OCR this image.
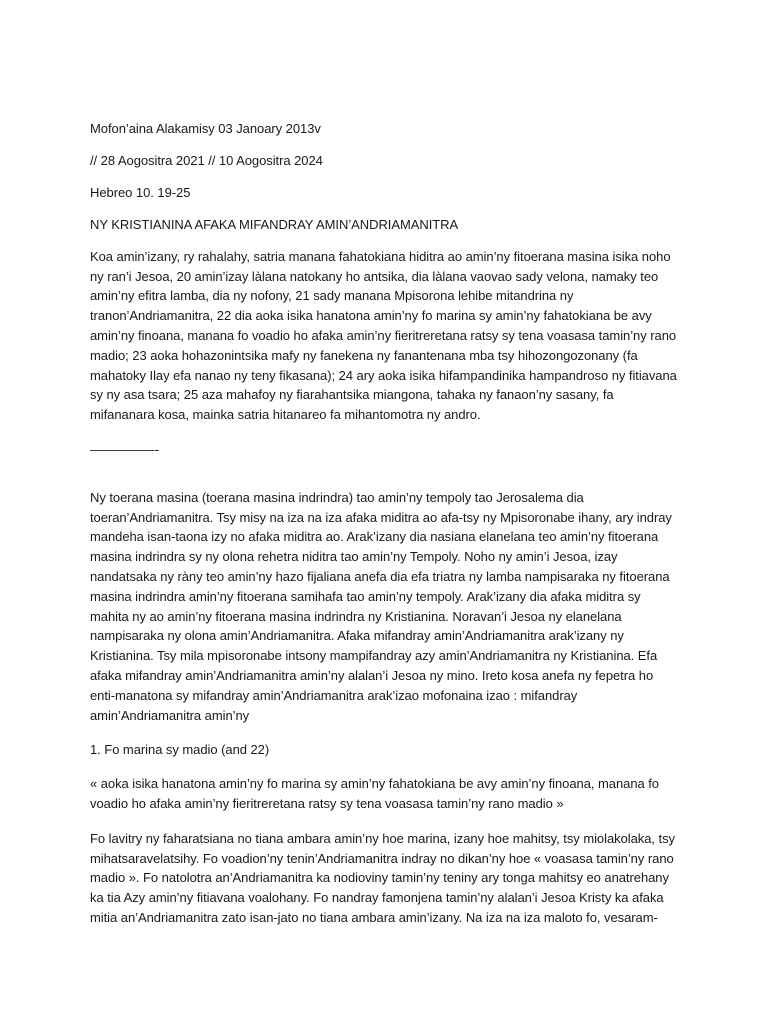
Mofon’aina Alakamisy 03 Janoary 2013v

// 28 Aogositra 2021 // 10 Aogositra 2024

Hebreo 10. 19-25

NY KRISTIANINA AFAKA MIFANDRAY AMIN’ANDRIAMANITRA

Koa amin’izany, ry rahalahy, satria manana fahatokiana hiditra ao amin’ny fitoerana masina isika noho ny ran’i Jesoa, 20 amin’izay làlana natokany ho antsika, dia làlana vaovao sady velona, namaky teo amin’ny efitra lamba, dia ny nofony, 21 sady manana Mpisorona lehibe mitandrina ny tranon’Andriamanitra, 22 dia aoka isika hanatona amin’ny fo marina sy amin’ny fahatokiana be avy amin’ny finoana, manana fo voadio ho afaka amin’ny fieritreretana ratsy sy tena voasasa tamin’ny rano madio; 23 aoka hohazonintsika mafy ny fanekena ny fanantenana mba tsy hihozongozonany (fa mahatoky Ilay efa nanao ny teny fikasana); 24 ary aoka isika hifampandinika hampandroso ny fitiavana sy ny asa tsara; 25 aza mahafoy ny fiarahantsika miangona, tahaka ny fanaon’ny sasany, fa mifananara kosa, mainka satria hitanareo fa mihantomotra ny andro.

—————-

Ny toerana masina (toerana masina indrindra) tao amin’ny tempoly tao Jerosalema dia toeran’Andriamanitra. Tsy misy na iza na iza afaka miditra ao afa-tsy ny Mpisoronabe ihany, ary indray mandeha isan-taona izy no afaka miditra ao. Arak’izany dia nasiana elanelana teo amin’ny fitoerana masina indrindra sy ny olona rehetra niditra tao amin’ny Tempoly. Noho ny amin’i Jesoa, izay nandatsaka ny ràny teo amin’ny hazo fijaliana anefa dia efa triatra ny lamba nampisaraka ny fitoerana masina indrindra amin’ny fitoerana samihafa tao amin’ny tempoly. Arak’izany dia afaka miditra sy mahita ny ao amin’ny fitoerana masina indrindra ny Kristianina. Noravan’i Jesoa ny elanelana nampisaraka ny olona amin’Andriamanitra. Afaka mifandray amin’Andriamanitra arak’izany ny Kristianina. Tsy mila mpisoronabe intsony mampifandray azy amin’Andriamanitra ny Kristianina. Efa afaka mifandray amin’Andriamanitra amin’ny alalan’i Jesoa ny mino. Ireto kosa anefa ny fepetra ho enti-manatona sy mifandray amin’Andriamanitra arak’izao mofonaina izao : mifandray amin’Andriamanitra amin’ny

1. Fo marina sy madio (and 22)

« aoka isika hanatona amin’ny fo marina sy amin’ny fahatokiana be avy amin’ny finoana, manana fo voadio ho afaka amin’ny fieritreretana ratsy sy tena voasasa tamin’ny rano madio »

Fo lavitry ny faharatsiana no tiana ambara amin’ny hoe marina, izany hoe mahitsy, tsy miolakolaka, tsy mihatsaravelatsihy. Fo voadion’ny tenin’Andriamanitra indray no dikan’ny hoe « voasasa tamin’ny rano madio ». Fo natolotra an’Andriamanitra ka nodioviny tamin’ny teniny ary tonga mahitsy eo anatrehany ka tia Azy amin’ny fitiavana voalohany. Fo nandray famonjena tamin’ny alalan’i Jesoa Kristy ka afaka mitia an’Andriamanitra zato isan-jato no tiana ambara amin’izany. Na iza na iza maloto fo, vesaram-
